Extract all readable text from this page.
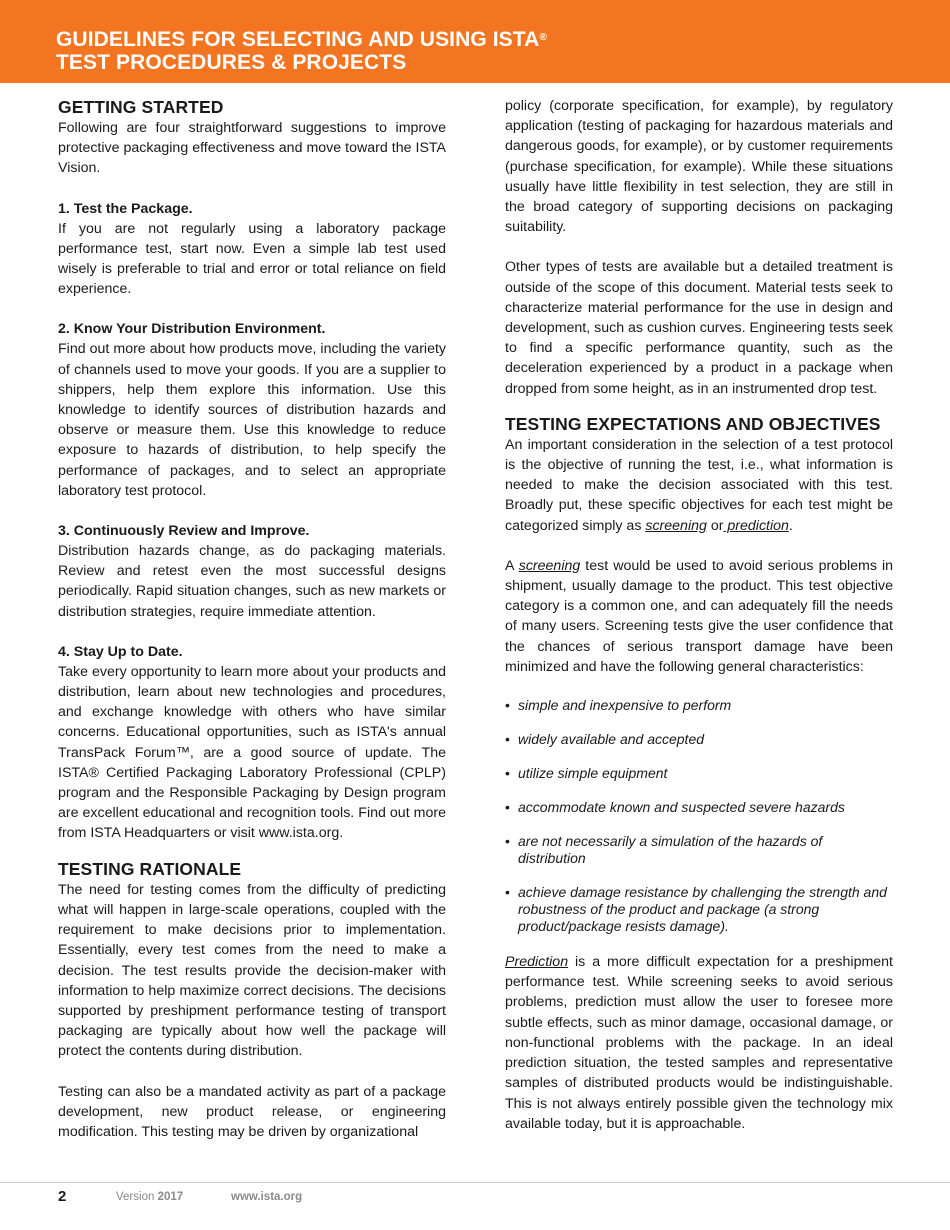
GUIDELINES FOR SELECTING AND USING ISTA®
TEST PROCEDURES & PROJECTS
GETTING STARTED

Following are four straightforward suggestions to improve protective packaging effectiveness and move toward the ISTA Vision.

1. Test the Package.

If you are not regularly using a laboratory package performance test, start now. Even a simple lab test used wisely is preferable to trial and error or total reliance on field experience.

2. Know Your Distribution Environment.

Find out more about how products move, including the variety of channels used to move your goods. If you are a supplier to shippers, help them explore this information. Use this knowledge to identify sources of distribution hazards and observe or measure them. Use this knowledge to reduce exposure to hazards of distribution, to help specify the performance of packages, and to select an appropriate laboratory test protocol.

3. Continuously Review and Improve.

Distribution hazards change, as do packaging materials. Review and retest even the most successful designs periodically. Rapid situation changes, such as new markets or distribution strategies, require immediate attention.

4. Stay Up to Date.

Take every opportunity to learn more about your products and distribution, learn about new technologies and procedures, and exchange knowledge with others who have similar concerns. Educational opportunities, such as ISTA's annual TransPack Forum™, are a good source of update. The ISTA® Certified Packaging Laboratory Professional (CPLP) program and the Responsible Packaging by Design program are excellent educational and recognition tools. Find out more from ISTA Headquarters or visit www.ista.org.

TESTING RATIONALE

The need for testing comes from the difficulty of predicting what will happen in large-scale operations, coupled with the requirement to make decisions prior to implementation. Essentially, every test comes from the need to make a decision. The test results provide the decision-maker with information to help maximize correct decisions. The decisions supported by preshipment performance testing of transport packaging are typically about how well the package will protect the contents during distribution.

Testing can also be a mandated activity as part of a package development, new product release, or engineering modification. This testing may be driven by organizational

policy (corporate specification, for example), by regulatory application (testing of packaging for hazardous materials and dangerous goods, for example), or by customer requirements (purchase specification, for example). While these situations usually have little flexibility in test selection, they are still in the broad category of supporting decisions on packaging suitability.

Other types of tests are available but a detailed treatment is outside of the scope of this document. Material tests seek to characterize material performance for the use in design and development, such as cushion curves. Engineering tests seek to find a specific performance quantity, such as the deceleration experienced by a product in a package when dropped from some height, as in an instrumented drop test.

TESTING EXPECTATIONS AND OBJECTIVES

An important consideration in the selection of a test protocol is the objective of running the test, i.e., what information is needed to make the decision associated with this test. Broadly put, these specific objectives for each test might be categorized simply as screening or prediction.

A screening test would be used to avoid serious problems in shipment, usually damage to the product. This test objective category is a common one, and can adequately fill the needs of many users. Screening tests give the user confidence that the chances of serious transport damage have been minimized and have the following general characteristics:

• simple and inexpensive to perform
• widely available and accepted
• utilize simple equipment
• accommodate known and suspected severe hazards
• are not necessarily a simulation of the hazards of distribution
• achieve damage resistance by challenging the strength and robustness of the product and package (a strong product/package resists damage).

Prediction is a more difficult expectation for a preshipment performance test. While screening seeks to avoid serious problems, prediction must allow the user to foresee more subtle effects, such as minor damage, occasional damage, or non-functional problems with the package. In an ideal prediction situation, the tested samples and representative samples of distributed products would be indistinguishable. This is not always entirely possible given the technology mix available today, but it is approachable.

2	Version 2017	www.ista.org
